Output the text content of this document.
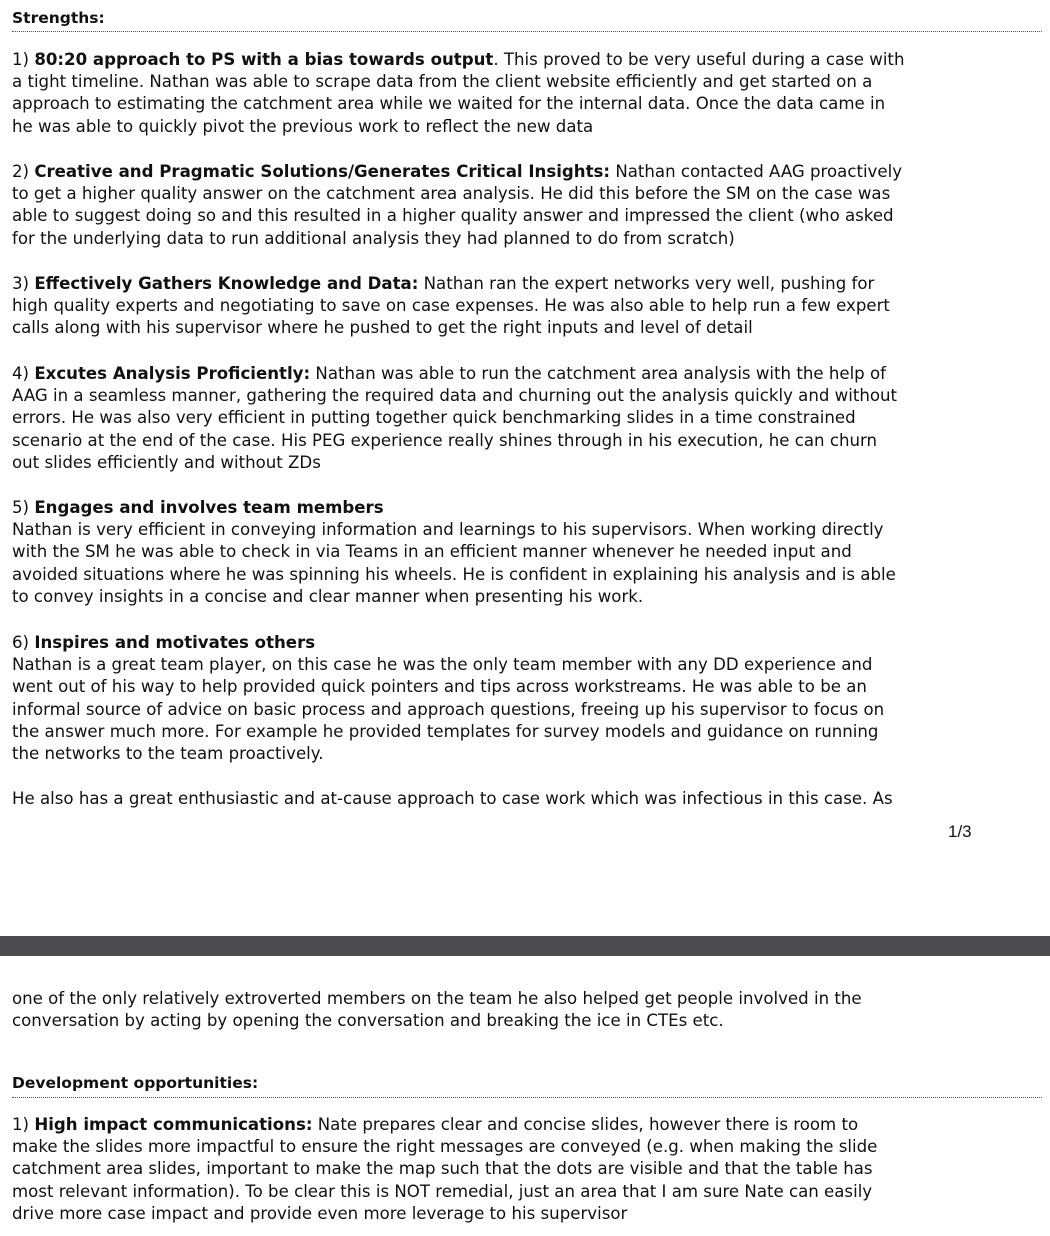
Strengths:
1) 80:20 approach to PS with a bias towards output. This proved to be very useful during a case with
a tight timeline. Nathan was able to scrape data from the client website efficiently and get started on a
approach to estimating the catchment area while we waited for the internal data. Once the data came in
he was able to quickly pivot the previous work to reflect the new data
2) Creative and Pragmatic Solutions/Generates Critical Insights: Nathan contacted AAG proactively
to get a higher quality answer on the catchment area analysis. He did this before the SM on the case was
able to suggest doing so and this resulted in a higher quality answer and impressed the client (who asked
for the underlying data to run additional analysis they had planned to do from scratch)
3) Effectively Gathers Knowledge and Data: Nathan ran the expert networks very well, pushing for
high quality experts and negotiating to save on case expenses. He was also able to help run a few expert
calls along with his supervisor where he pushed to get the right inputs and level of detail
4) Excutes Analysis Proficiently: Nathan was able to run the catchment area analysis with the help of
AAG in a seamless manner, gathering the required data and churning out the analysis quickly and without
errors. He was also very efficient in putting together quick benchmarking slides in a time constrained
scenario at the end of the case. His PEG experience really shines through in his execution, he can churn
out slides efficiently and without ZDs
5) Engages and involves team members
Nathan is very efficient in conveying information and learnings to his supervisors. When working directly
with the SM he was able to check in via Teams in an efficient manner whenever he needed input and
avoided situations where he was spinning his wheels. He is confident in explaining his analysis and is able
to convey insights in a concise and clear manner when presenting his work.
6) Inspires and motivates others
Nathan is a great team player, on this case he was the only team member with any DD experience and
went out of his way to help provided quick pointers and tips across workstreams. He was able to be an
informal source of advice on basic process and approach questions, freeing up his supervisor to focus on
the answer much more. For example he provided templates for survey models and guidance on running
the networks to the team proactively.
He also has a great enthusiastic and at-cause approach to case work which was infectious in this case. As
1/3
one of the only relatively extroverted members on the team he also helped get people involved in the
conversation by acting by opening the conversation and breaking the ice in CTEs etc.
Development opportunities:
1) High impact communications: Nate prepares clear and concise slides, however there is room to
make the slides more impactful to ensure the right messages are conveyed (e.g. when making the slide
catchment area slides, important to make the map such that the dots are visible and that the table has
most relevant information). To be clear this is NOT remedial, just an area that I am sure Nate can easily
drive more case impact and provide even more leverage to his supervisor
